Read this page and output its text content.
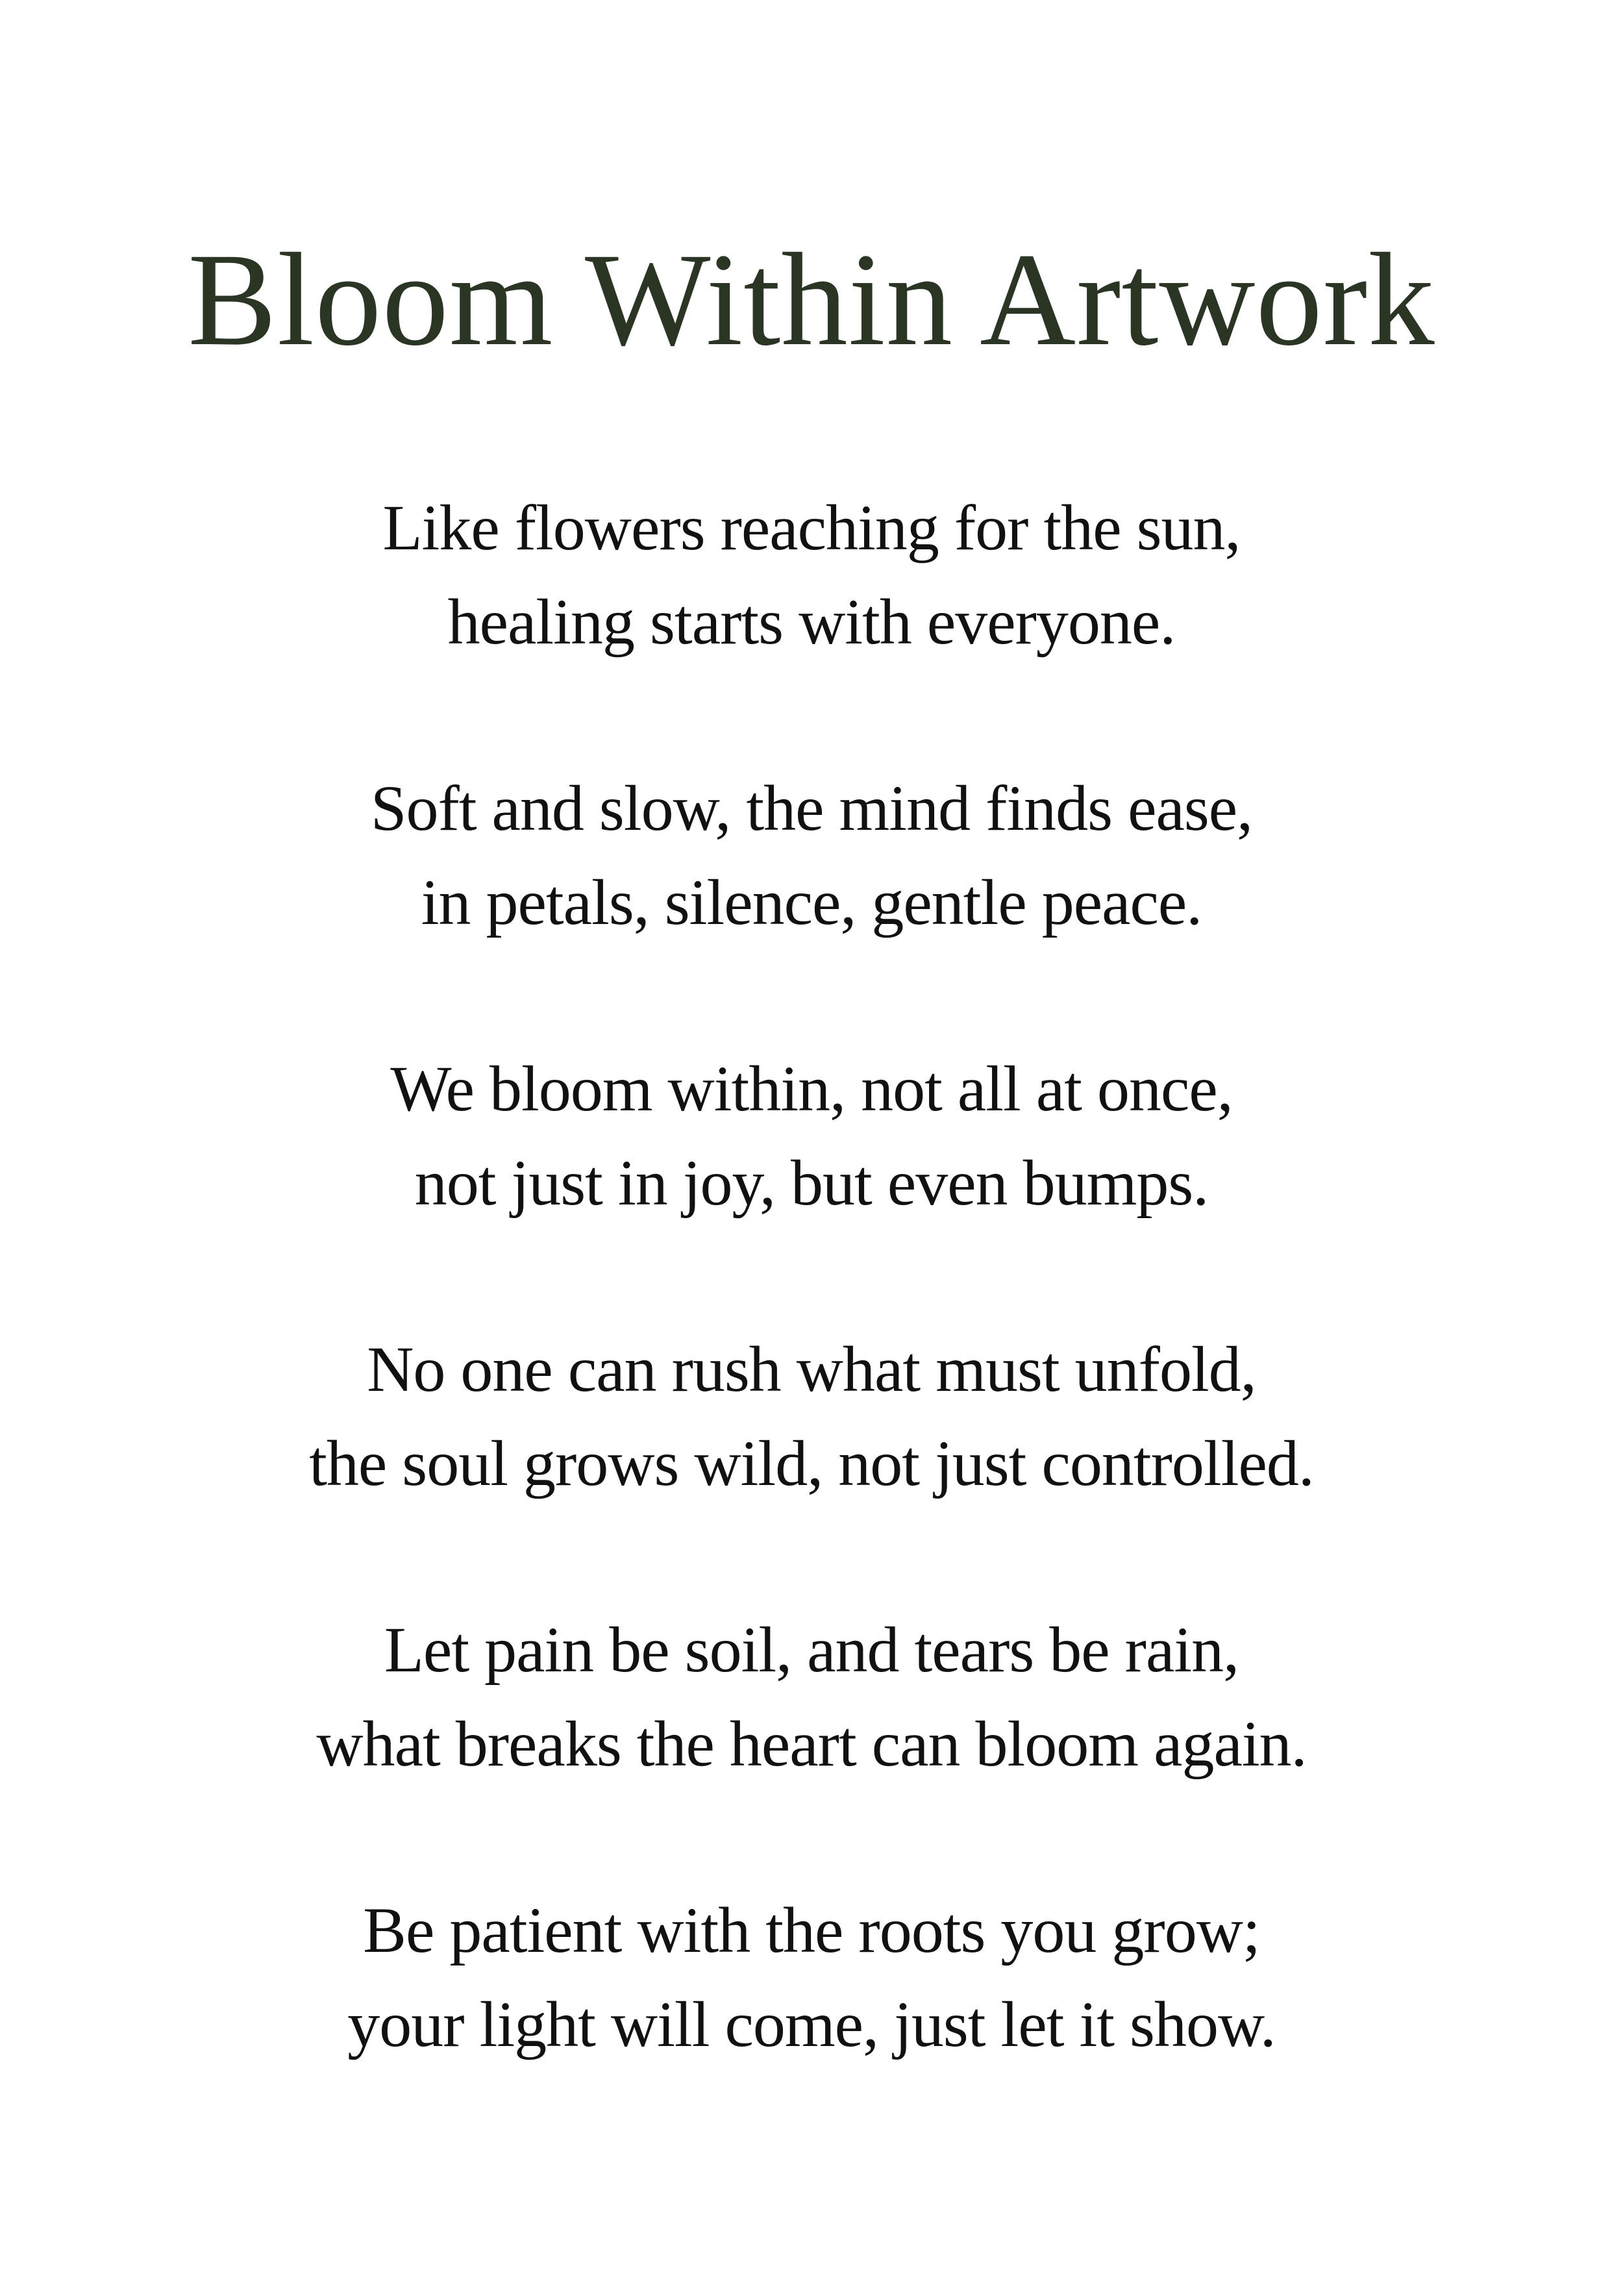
Bloom Within Artwork
Like flowers reaching for the sun,
healing starts with everyone.
Soft and slow, the mind finds ease,
in petals, silence, gentle peace.
We bloom within, not all at once,
not just in joy, but even bumps.
No one can rush what must unfold,
the soul grows wild, not just controlled.
Let pain be soil, and tears be rain,
what breaks the heart can bloom again.
Be patient with the roots you grow;
your light will come, just let it show.
